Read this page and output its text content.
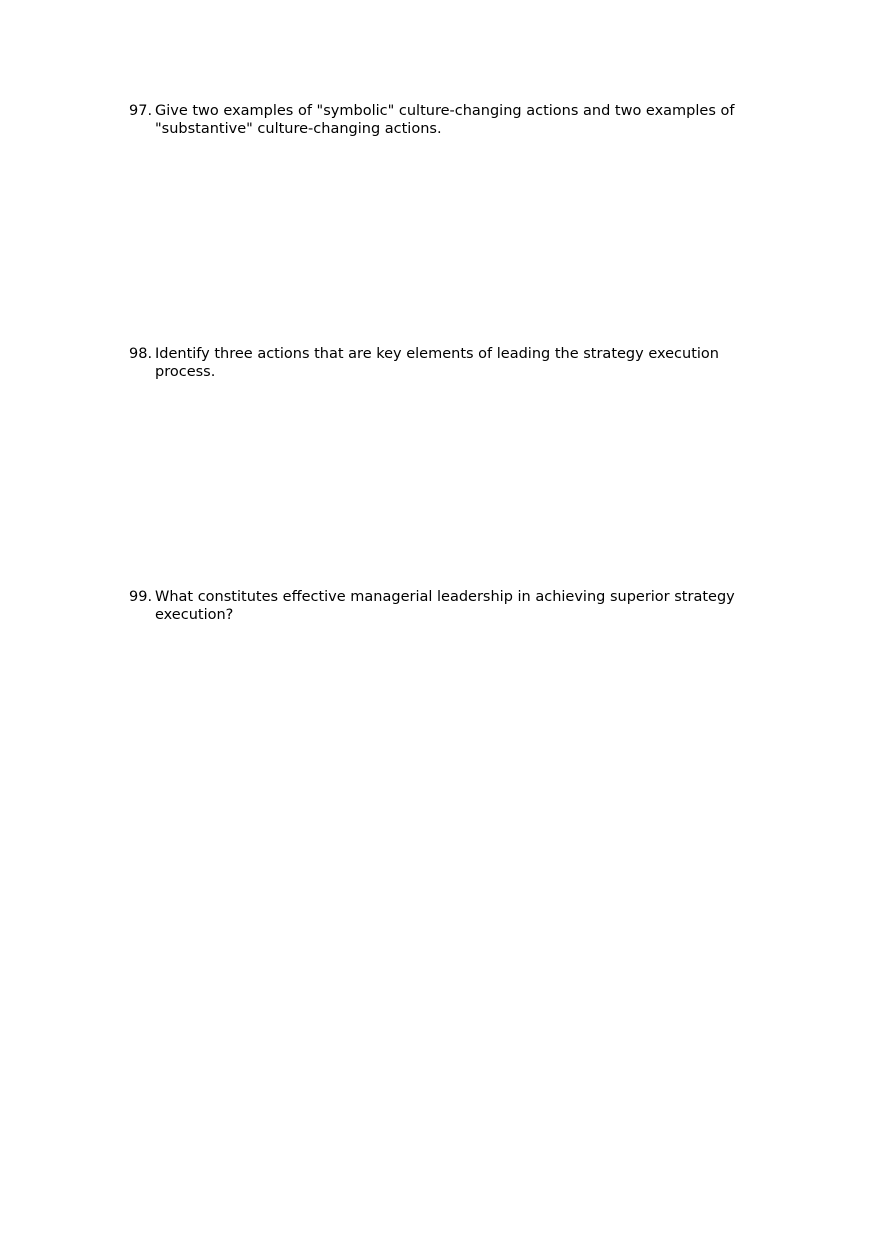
97. Give two examples of "symbolic" culture-changing actions and two examples of "substantive" culture-changing actions.
98. Identify three actions that are key elements of leading the strategy execution process.
99. What constitutes effective managerial leadership in achieving superior strategy execution?
